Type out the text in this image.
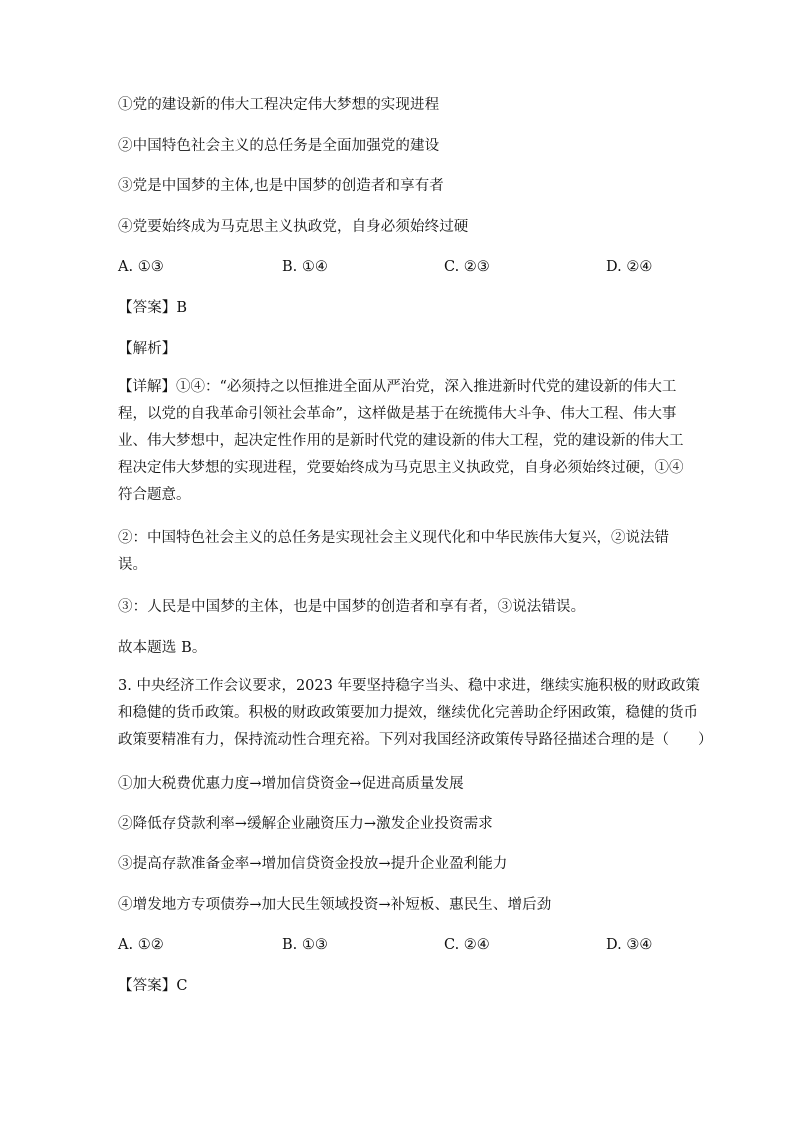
①党的建设新的伟大工程决定伟大梦想的实现进程
②中国特色社会主义的总任务是全面加强党的建设
③党是中国梦的主体,也是中国梦的创造者和享有者
④党要始终成为马克思主义执政党，自身必须始终过硬
A. ①③	B. ①④	C. ②③	D. ②④
【答案】B
【解析】
【详解】①④：“必须持之以恒推进全面从严治党，深入推进新时代党的建设新的伟大工
程，以党的自我革命引领社会革命”，这样做是基于在统揽伟大斗争、伟大工程、伟大事
业、伟大梦想中，起决定性作用的是新时代党的建设新的伟大工程，党的建设新的伟大工
程决定伟大梦想的实现进程，党要始终成为马克思主义执政党，自身必须始终过硬，①④
符合题意。
②：中国特色社会主义的总任务是实现社会主义现代化和中华民族伟大复兴，②说法错
误。
③：人民是中国梦的主体，也是中国梦的创造者和享有者，③说法错误。
故本题选 B。
3. 中央经济工作会议要求，2023 年要坚持稳字当头、稳中求进，继续实施积极的财政政策
和稳健的货币政策。积极的财政政策要加力提效，继续优化完善助企纾困政策，稳健的货币
政策要精准有力，保持流动性合理充裕。下列对我国经济政策传导路径描述合理的是（　　）
①加大税费优惠力度→增加信贷资金→促进高质量发展
②降低存贷款利率→缓解企业融资压力→激发企业投资需求
③提高存款准备金率→增加信贷资金投放→提升企业盈利能力
④增发地方专项债券→加大民生领域投资→补短板、惠民生、增后劲
A. ①②	B. ①③	C. ②④	D. ③④
【答案】C
